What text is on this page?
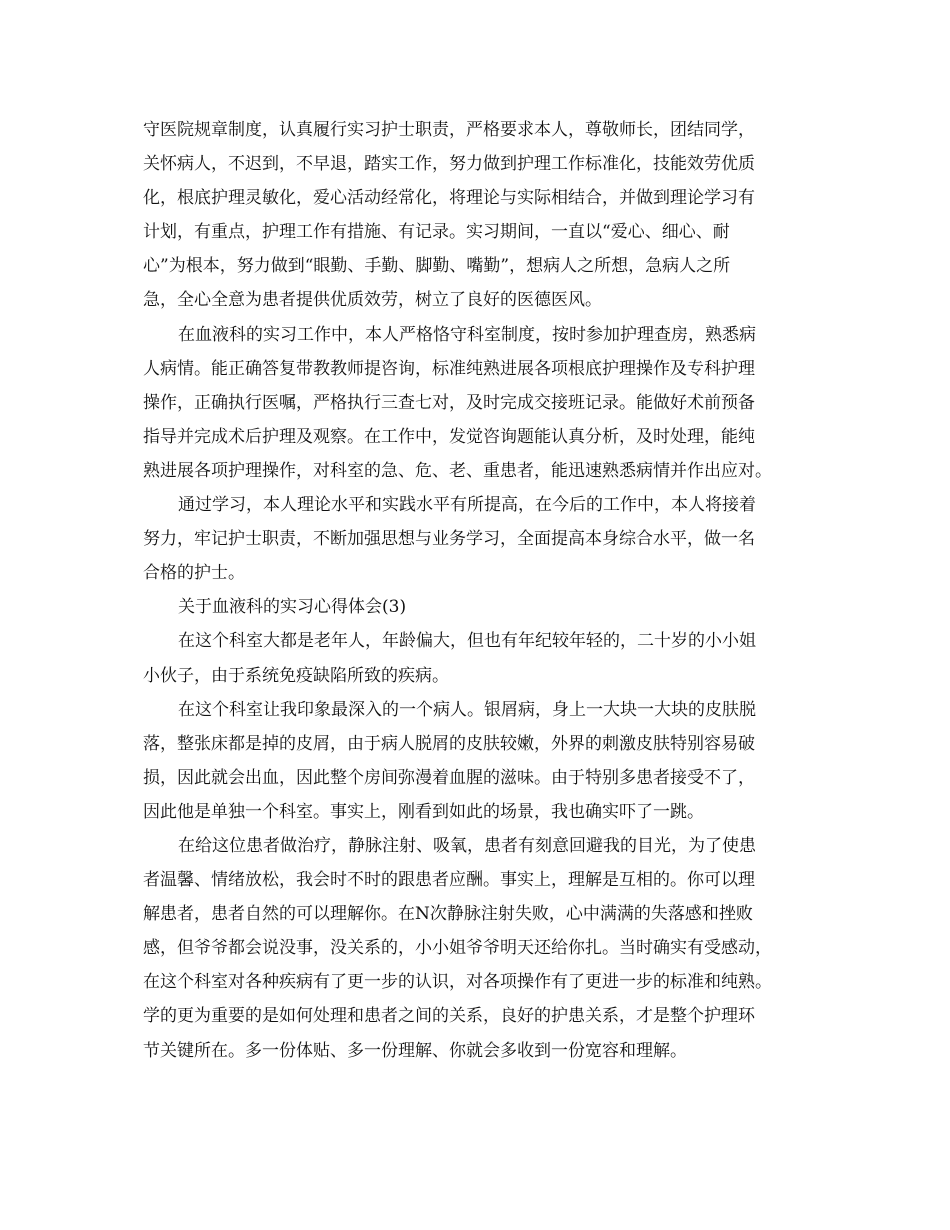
守医院规章制度，认真履行实习护士职责，严格要求本人，尊敬师长，团结同学，
关怀病人，不迟到，不早退，踏实工作，努力做到护理工作标准化，技能效劳优质
化，根底护理灵敏化，爱心活动经常化，将理论与实际相结合，并做到理论学习有
计划，有重点，护理工作有措施、有记录。实习期间，一直以“爱心、细心、耐
心”为根本，努力做到“眼勤、手勤、脚勤、嘴勤”，想病人之所想，急病人之所
急，全心全意为患者提供优质效劳，树立了良好的医德医风。
在血液科的实习工作中，本人严格恪守科室制度，按时参加护理查房，熟悉病
人病情。能正确答复带教教师提咨询，标准纯熟进展各项根底护理操作及专科护理
操作，正确执行医嘱，严格执行三查七对，及时完成交接班记录。能做好术前预备
指导并完成术后护理及观察。在工作中，发觉咨询题能认真分析，及时处理，能纯
熟进展各项护理操作，对科室的急、危、老、重患者，能迅速熟悉病情并作出应对。
通过学习，本人理论水平和实践水平有所提高，在今后的工作中，本人将接着
努力，牢记护士职责，不断加强思想与业务学习，全面提高本身综合水平，做一名
合格的护士。
关于血液科的实习心得体会(3)
在这个科室大都是老年人，年龄偏大，但也有年纪较年轻的，二十岁的小小姐
小伙子，由于系统免疫缺陷所致的疾病。
在这个科室让我印象最深入的一个病人。银屑病，身上一大块一大块的皮肤脱
落，整张床都是掉的皮屑，由于病人脱屑的皮肤较嫩，外界的刺激皮肤特别容易破
损，因此就会出血，因此整个房间弥漫着血腥的滋味。由于特别多患者接受不了，
因此他是单独一个科室。事实上，刚看到如此的场景，我也确实吓了一跳。
在给这位患者做治疗，静脉注射、吸氧，患者有刻意回避我的目光，为了使患
者温馨、情绪放松，我会时不时的跟患者应酬。事实上，理解是互相的。你可以理
解患者，患者自然的可以理解你。在N次静脉注射失败，心中满满的失落感和挫败
感，但爷爷都会说没事，没关系的，小小姐爷爷明天还给你扎。当时确实有受感动，
在这个科室对各种疾病有了更一步的认识，对各项操作有了更进一步的标准和纯熟。
学的更为重要的是如何处理和患者之间的关系，良好的护患关系，才是整个护理环
节关键所在。多一份体贴、多一份理解、你就会多收到一份宽容和理解。
